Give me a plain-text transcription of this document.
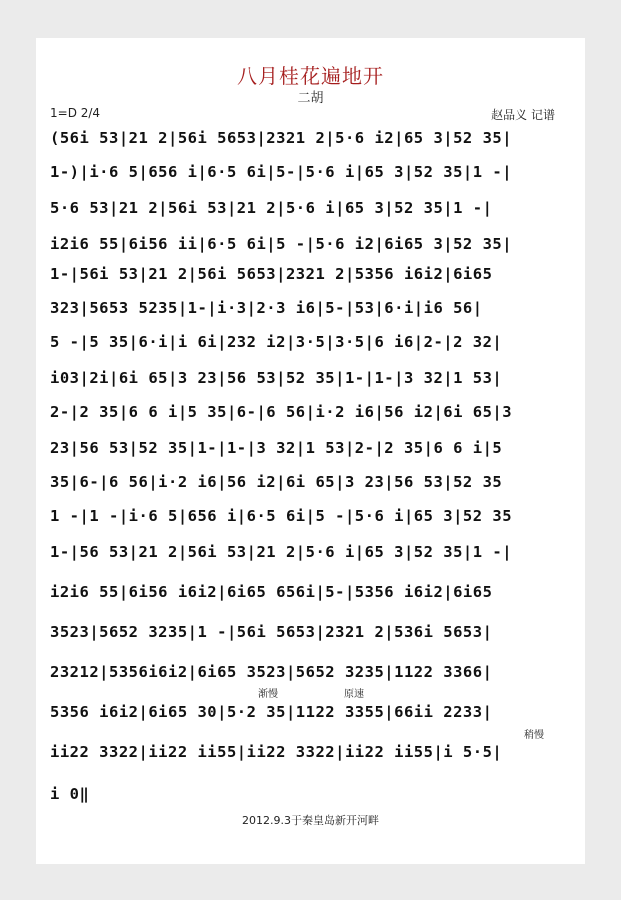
八月桂花遍地开
二胡
1=D 2/4	赵品义 记谱
(56i 53|21 2|56i 5653|2321 2|5·6 i2|65 3|52 35|
1-)|i·6 5|656 i|6·5 6i|5-|5·6 i|65 3|52 35|1 -|
5·6 53|21 2|56i 53|21 2|5·6 i|65 3|52 35|1 -|
i2i6 55|6i56 ii|6·5 6i|5 -|5·6 i2|6i65 3|52 35|
1-|56i 53|21 2|56i 5653|2321 2|5356 i6i2|6i65
323|5653 5235|1-|i·3|2·3 i6|5-|53|6·i|i6 56|
5 -|5 35|6·i|i 6i|232 i2|3·5|3·5|6 i6|2-|2 32|
i03|2i|6i 65|3 23|56 53|52 35|1-|1-|3 32|1 53|
2-|2 35|6 6 i|5 35|6-|6 56|i·2 i6|56 i2|6i 65|3
23|56 53|52 35|1-|1-|3 32|1 53|2-|2 35|6 6 i|5
35|6-|6 56|i·2 i6|56 i2|6i 65|3 23|56 53|52 35
1 -|1 -|i·6 5|656 i|6·5 6i|5 -|5·6 i|65 3|52 35
1-|56 53|21 2|56i 53|21 2|5·6 i|65 3|52 35|1 -|
i2i6 55|6i56 i6i2|6i65 656i|5-|5356 i6i2|6i65
3523|5652 3235|1 -|56i 5653|2321 2|536i 5653|
23212|5356i6i2|6i65 3523|5652 3235|1122 3366|
渐慢	原速
5356 i6i2|6i65 30|5·2 35|1122 3355|66ii 2233|
稍慢
ii22 3322|ii22 ii55|ii22 3322|ii22 ii55|i 5·5|
i 0‖
2012.9.3于秦皇岛新开河畔
